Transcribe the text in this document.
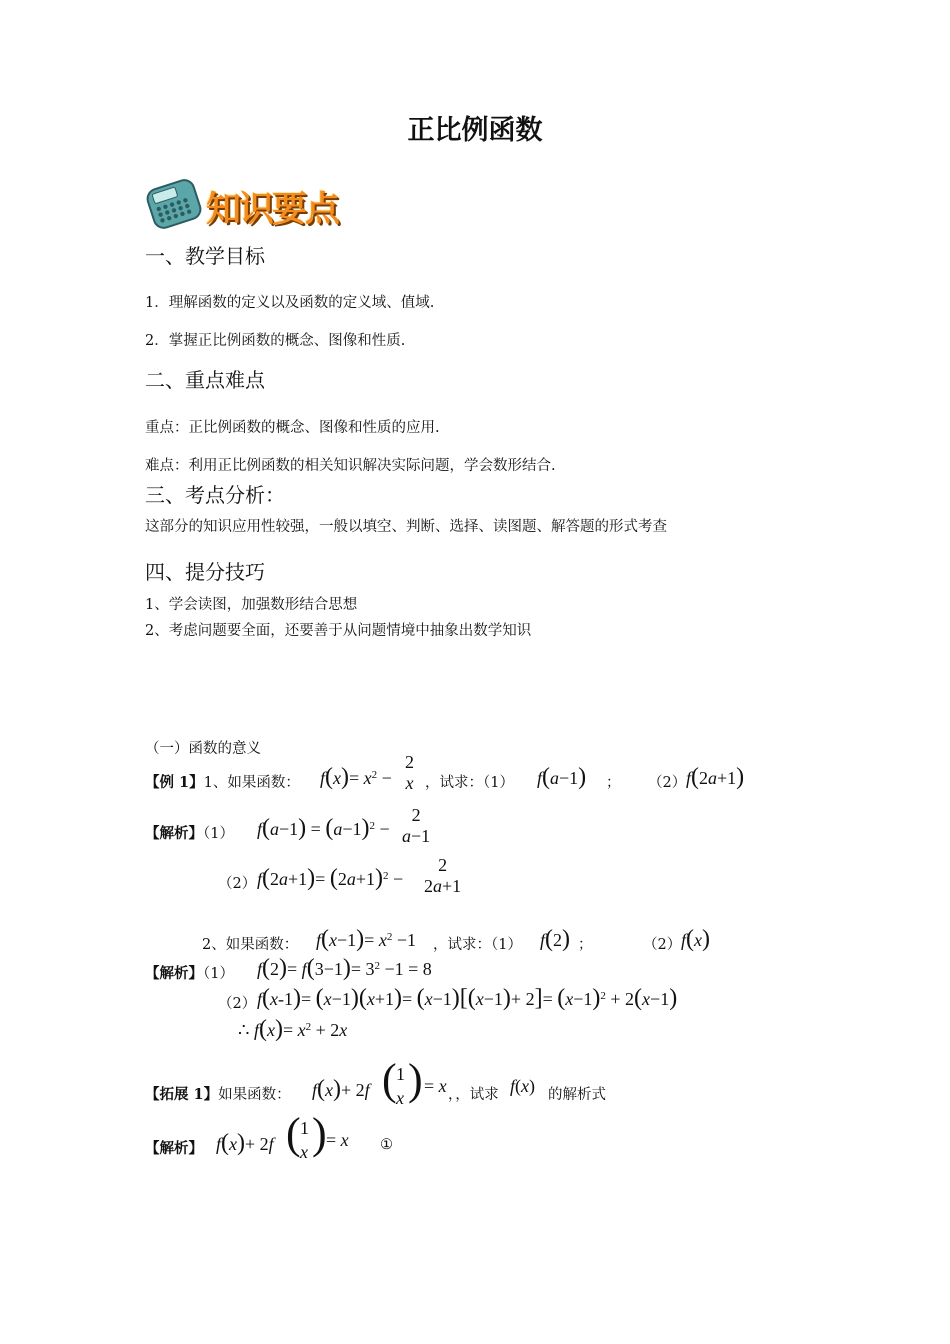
正比例函数
知识要点
一、教学目标
1．理解函数的定义以及函数的定义域、值域.
2．掌握正比例函数的概念、图像和性质.
二、重点难点
重点：正比例函数的概念、图像和性质的应用.
难点：利用正比例函数的相关知识解决实际问题，学会数形结合.
三、考点分析：
这部分的知识应用性较强，一般以填空、判断、选择、读图题、解答题的形式考查
四、提分技巧
1、学会读图，加强数形结合思想
2、考虑问题要全面，还要善于从问题情境中抽象出数学知识
（一）函数的意义
【例 1】1、如果函数： $f(x)= x^2$ −
2
x ，试求：（1） f(a−1) ； （2） f(2a+1)
【解析】（1） $f(a-1) = (a-1)^2$ −
2
a−1
（2） $f(2a+1)= (2a+1)^2$ −
2
2a+1
2、如果函数： $f(x-1)= x^2 -1$ ，试求：（1） f(2) ；	（2） f(x)
【解析】（1） $f(2)= f(3-1)= 3^2 -1 = 8$
（2） $f(x-1)= (x-1)(x+1)= (x-1)[(x-1)+ 2]= (x-1)^2 + 2(x-1)$
∴ $f(x)= x^2 + 2x$
【拓展 1】如果函数： f(x)+ 2f ( 1
x ) = x ，，试求 f(x) 的解析式
【解析】 f(x)+ 2f ( 1
x ) = x ①
